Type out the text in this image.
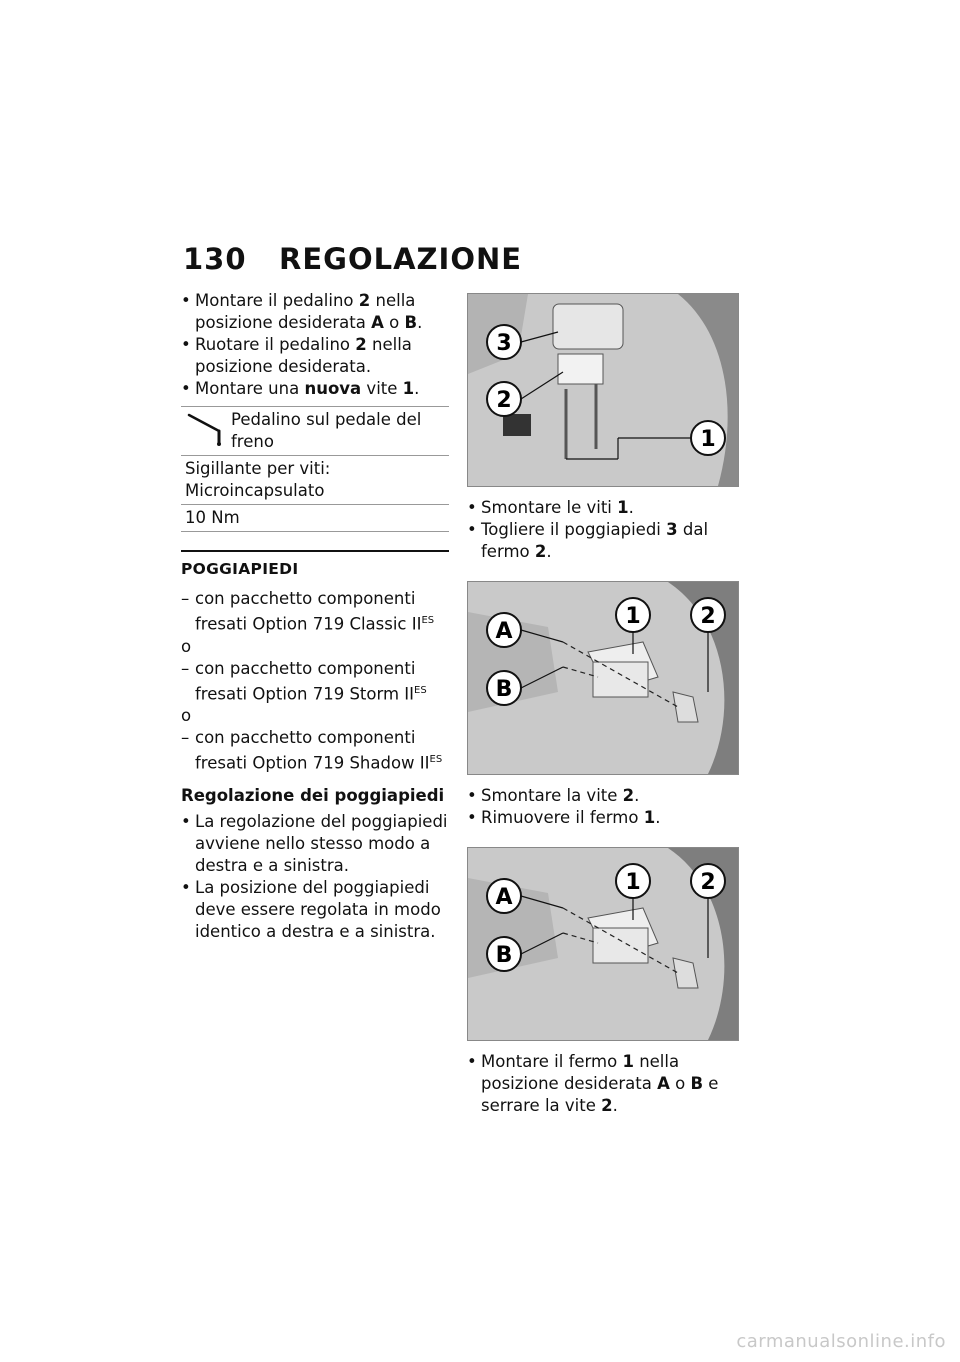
130 REGOLAZIONE

• Montare il pedalino 2 nella posizione desiderata A o B.

• Ruotare il pedalino 2 nella posizione desiderata.

• Montare una nuova vite 1.

Pedalino sul pedale del freno
Sigillante per viti: Microincapsulato
10 Nm
POGGIAPIEDI

– con pacchetto componenti fresati Option 719 Classic $II^{ES}$

o

– con pacchetto componenti fresati Option 719 Storm $II^{ES}$

o

– con pacchetto componenti fresati Option 719 Shadow $II^{ES}$

Regolazione dei poggiapiedi

• La regolazione del poggiapiedi avviene nello stesso modo a destra e a sinistra.

• La posizione del poggiapiedi deve essere regolata in modo identico a destra e a sinistra.

3
2
1

• Smontare le viti 1.

• Togliere il poggiapiedi 3 dal fermo 2.

A
B
1	2

• Smontare la vite 2.

• Rimuovere il fermo 1.

A
B
1	2

• Montare il fermo 1 nella posizione desiderata A o B e serrare la vite 2.

carmanualsonline.info
